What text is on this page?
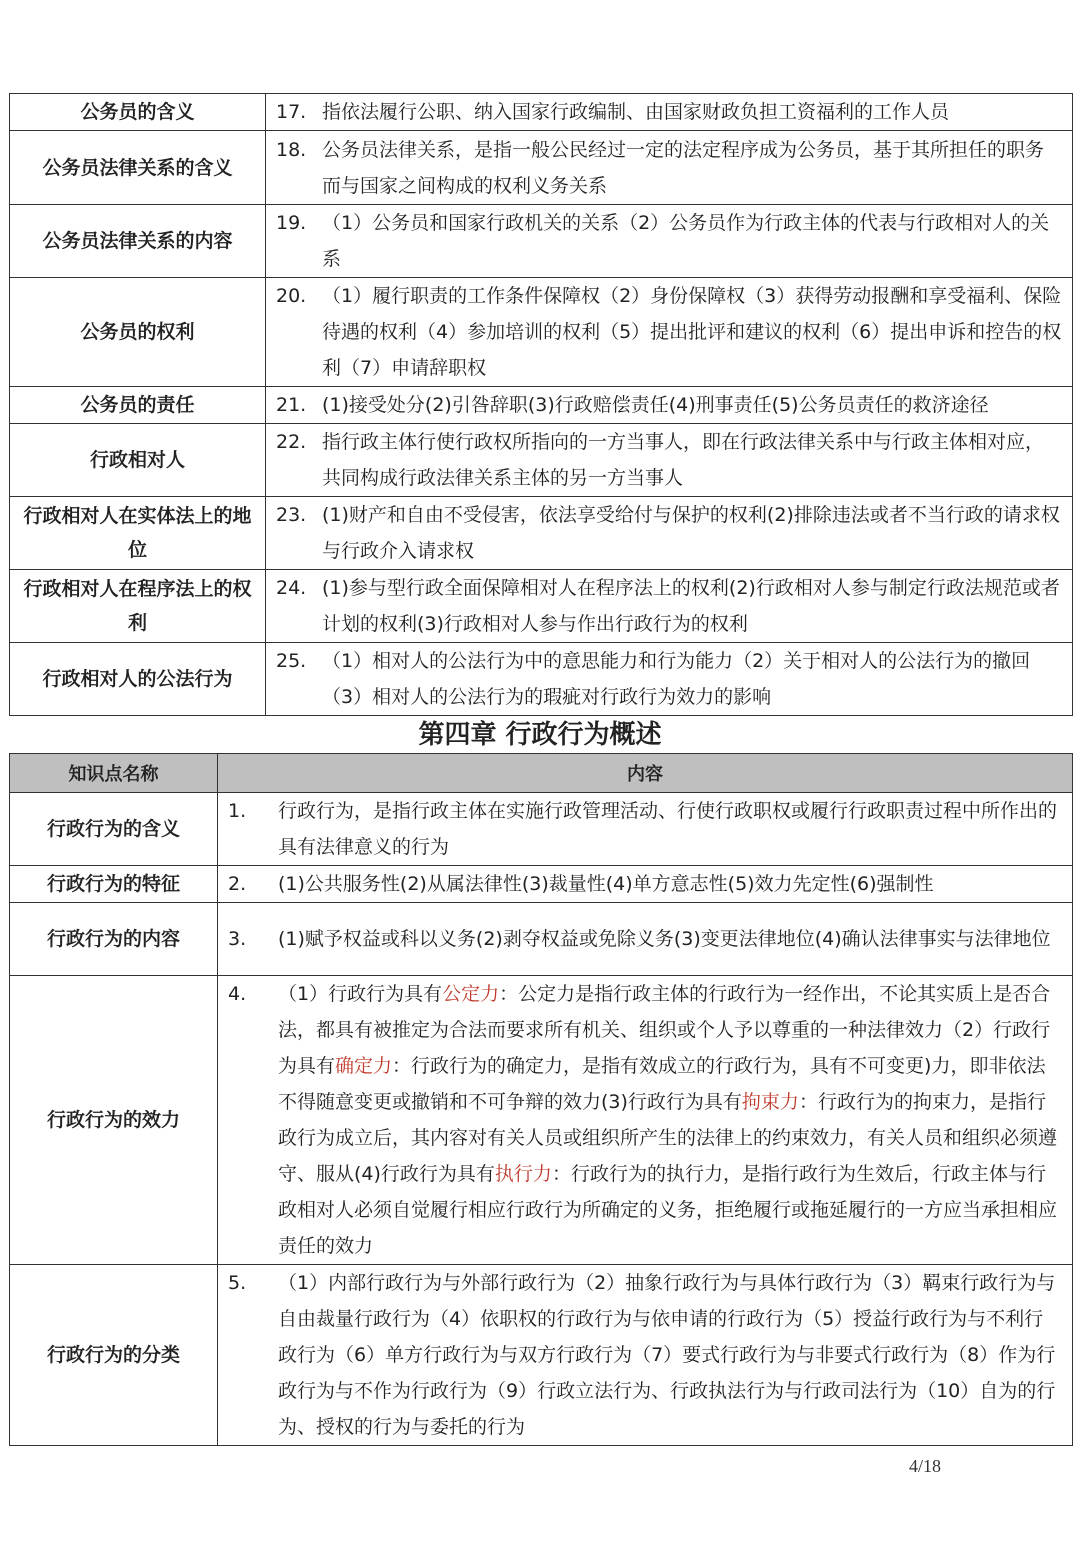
公务员的含义	17. 指依法履行公职、纳入国家行政编制、由国家财政负担工资福利的工作人员

公务员法律关系的含义	18. 公务员法律关系，是指一般公民经过一定的法定程序成为公务员，基于其所担任的职务而与国家之间构成的权利义务关系

公务员法律关系的内容	19. （1）公务员和国家行政机关的关系（2）公务员作为行政主体的代表与行政相对人的关系

公务员的权利	20. （1）履行职责的工作条件保障权（2）身份保障权（3）获得劳动报酬和享受福利、保险待遇的权利（4）参加培训的权利（5）提出批评和建议的权利（6）提出申诉和控告的权利（7）申请辞职权

公务员的责任	21. (1)接受处分(2)引咎辞职(3)行政赔偿责任(4)刑事责任(5)公务员责任的救济途径

行政相对人	22. 指行政主体行使行政权所指向的一方当事人，即在行政法律关系中与行政主体相对应，共同构成行政法律关系主体的另一方当事人

行政相对人在实体法上的地位	23. (1)财产和自由不受侵害，依法享受给付与保护的权利(2)排除违法或者不当行政的请求权与行政介入请求权

行政相对人在程序法上的权利	24. (1)参与型行政全面保障相对人在程序法上的权利(2)行政相对人参与制定行政法规范或者计划的权利(3)行政相对人参与作出行政行为的权利

行政相对人的公法行为	25. （1）相对人的公法行为中的意思能力和行为能力（2）关于相对人的公法行为的撤回（3）相对人的公法行为的瑕疵对行政行为效力的影响
第四章 行政行为概述
知识点名称	内容
行政行为的含义	1. 行政行为，是指行政主体在实施行政管理活动、行使行政职权或履行行政职责过程中所作出的具有法律意义的行为

行政行为的特征	2. (1)公共服务性(2)从属法律性(3)裁量性(4)单方意志性(5)效力先定性(6)强制性

行政行为的内容	3. (1)赋予权益或科以义务(2)剥夺权益或免除义务(3)变更法律地位(4)确认法律事实与法律地位

行政行为的效力	4. （1）行政行为具有公定力：公定力是指行政主体的行政行为一经作出，不论其实质上是否合法，都具有被推定为合法而要求所有机关、组织或个人予以尊重的一种法律效力（2）行政行为具有确定力：行政行为的确定力，是指有效成立的行政行为，具有不可变更)力，即非依法不得随意变更或撤销和不可争辩的效力(3)行政行为具有拘束力：行政行为的拘束力，是指行政行为成立后，其内容对有关人员或组织所产生的法律上的约束效力，有关人员和组织必须遵守、服从(4)行政行为具有执行力：行政行为的执行力，是指行政行为生效后，行政主体与行政相对人必须自觉履行相应行政行为所确定的义务，拒绝履行或拖延履行的一方应当承担相应责任的效力

行政行为的分类	5. （1）内部行政行为与外部行政行为（2）抽象行政行为与具体行政行为（3）羁束行政行为与自由裁量行政行为（4）依职权的行政行为与依申请的行政行为（5）授益行政行为与不利行政行为（6）单方行政行为与双方行政行为（7）要式行政行为与非要式行政行为（8）作为行政行为与不作为行政行为（9）行政立法行为、行政执法行为与行政司法行为（10）自为的行为、授权的行为与委托的行为
4/18
